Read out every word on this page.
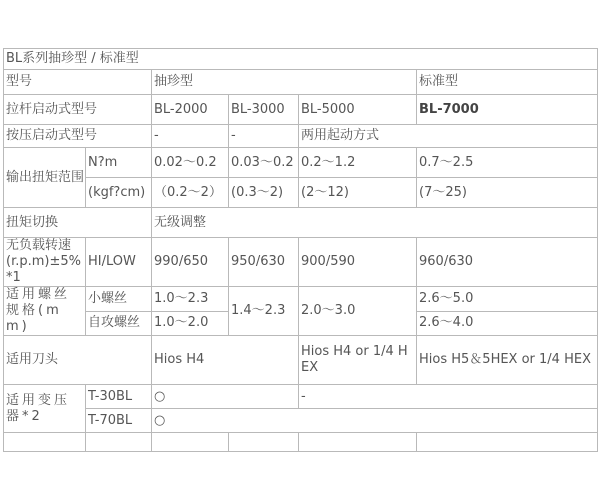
BL系列抽珍型 / 标准型					
型号		抽珍型			标准型
拉杆启动式型号		BL-2000	BL-3000	BL-5000	BL-7000
按压启动式型号		-	-	两用起动方式	
输出扭矩范围	N?m	0.02～0.2	0.03～0.2	0.2～1.2	0.7～2.5
	(kgf?cm)	（0.2～2）	(0.3～2)	(2～12)	(7～25)
扭矩切换		无级调整			
无负载转速(r.p.m)±5%*1	HI/LOW	990/650	950/630	900/590	960/630
适用螺丝规格(mm)	小螺丝	1.0～2.3	1.4～2.3	2.0～3.0	2.6～5.0
	自攻螺丝	1.0～2.0			2.6～4.0
适用刀头		Hios H4		Hios H4 or 1/4 HEX	Hios H5＆5HEX or 1/4 HEX
适用变压器*2	T-30BL	○		-	
	T-70BL	○			
